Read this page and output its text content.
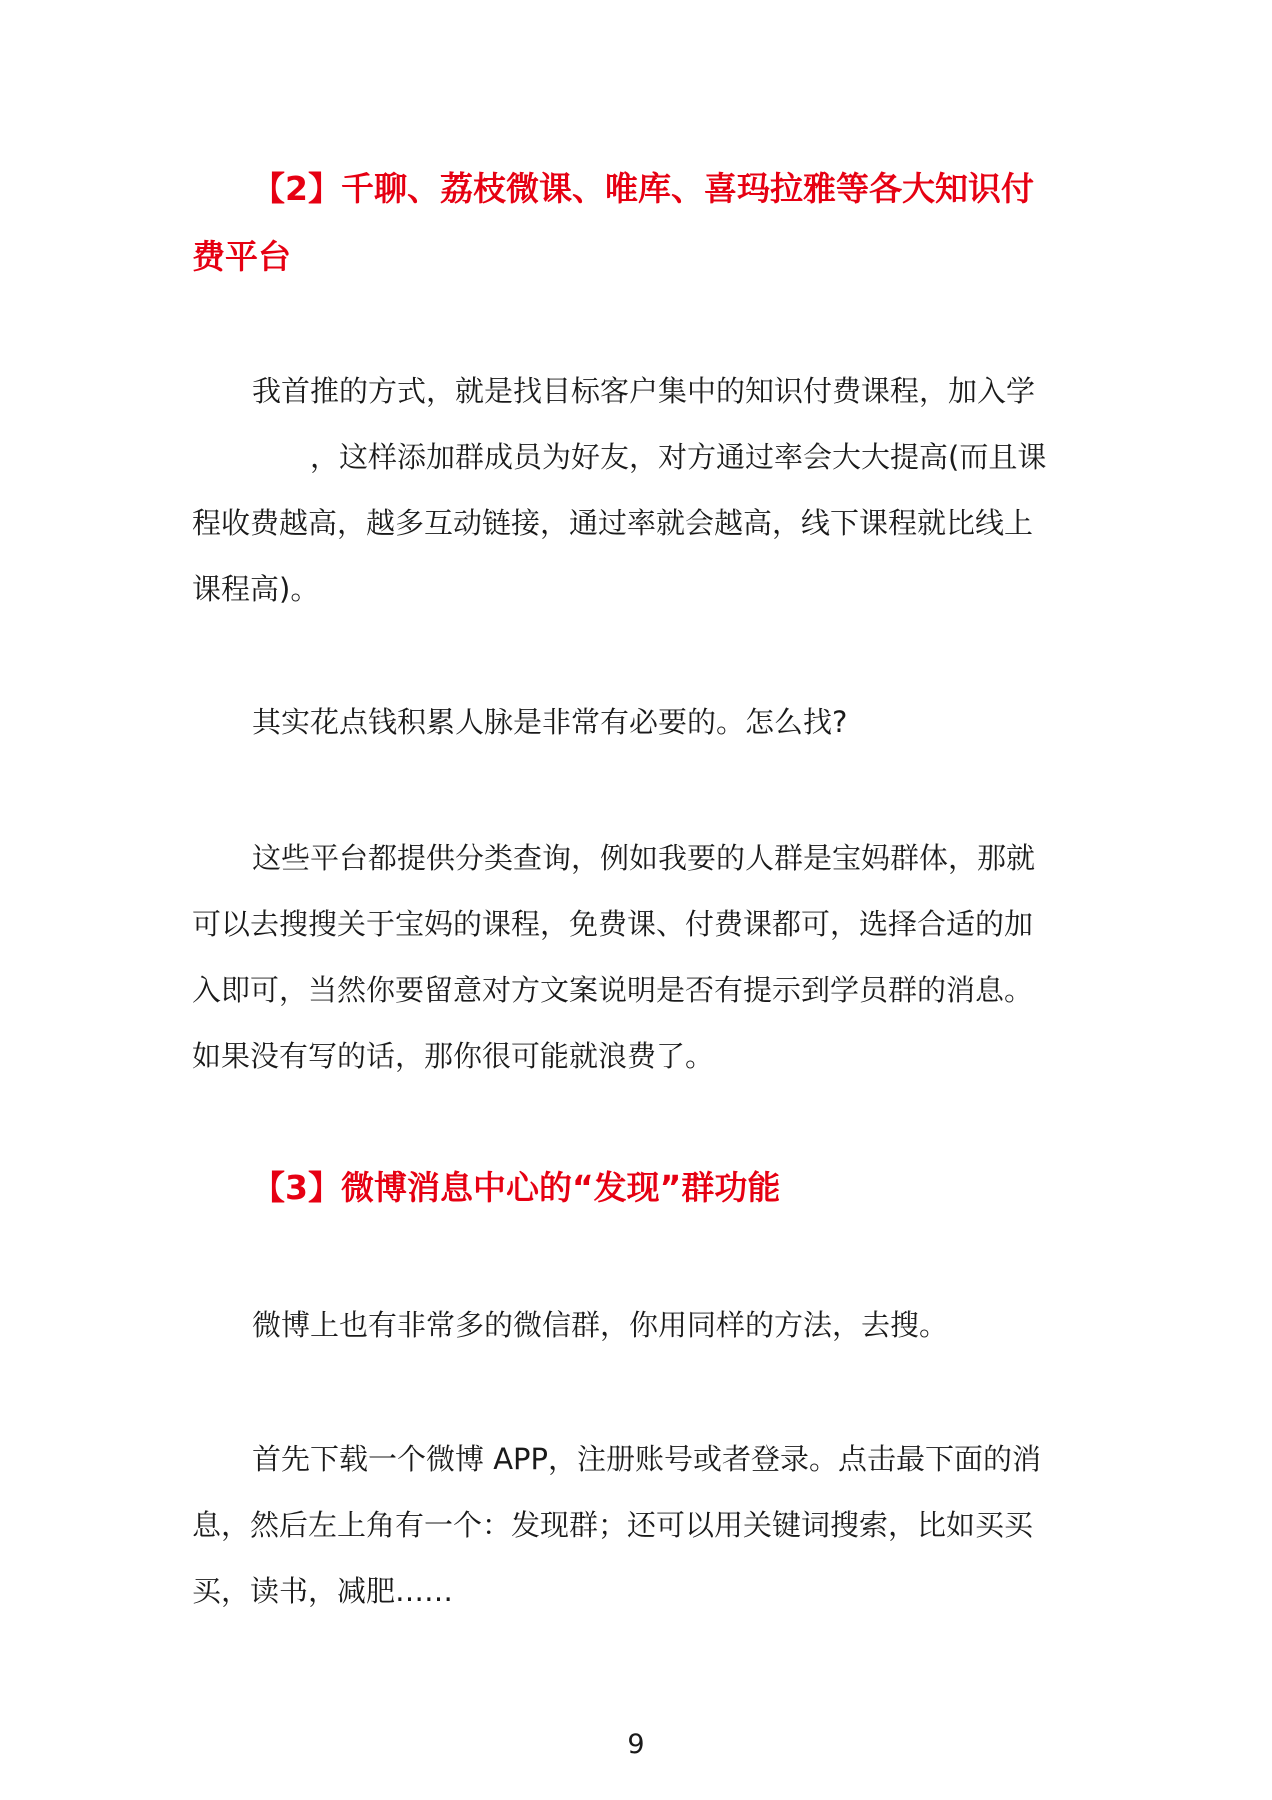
【2】千聊、荔枝微课、唯库、喜玛拉雅等各大知识付
费平台

我首推的方式，就是找目标客户集中的知识付费课程，加入学
，这样添加群成员为好友，对方通过率会大大提高(而且课
程收费越高，越多互动链接，通过率就会越高，线下课程就比线上
课程高)。

其实花点钱积累人脉是非常有必要的。怎么找?

这些平台都提供分类查询，例如我要的人群是宝妈群体，那就
可以去搜搜关于宝妈的课程，免费课、付费课都可，选择合适的加
入即可，当然你要留意对方文案说明是否有提示到学员群的消息。
如果没有写的话，那你很可能就浪费了。

【3】微博消息中心的“发现”群功能

微博上也有非常多的微信群，你用同样的方法，去搜。

首先下载一个微博 APP，注册账号或者登录。点击最下面的消
息，然后左上角有一个：发现群；还可以用关键词搜索，比如买买
买，读书，减肥……

9
